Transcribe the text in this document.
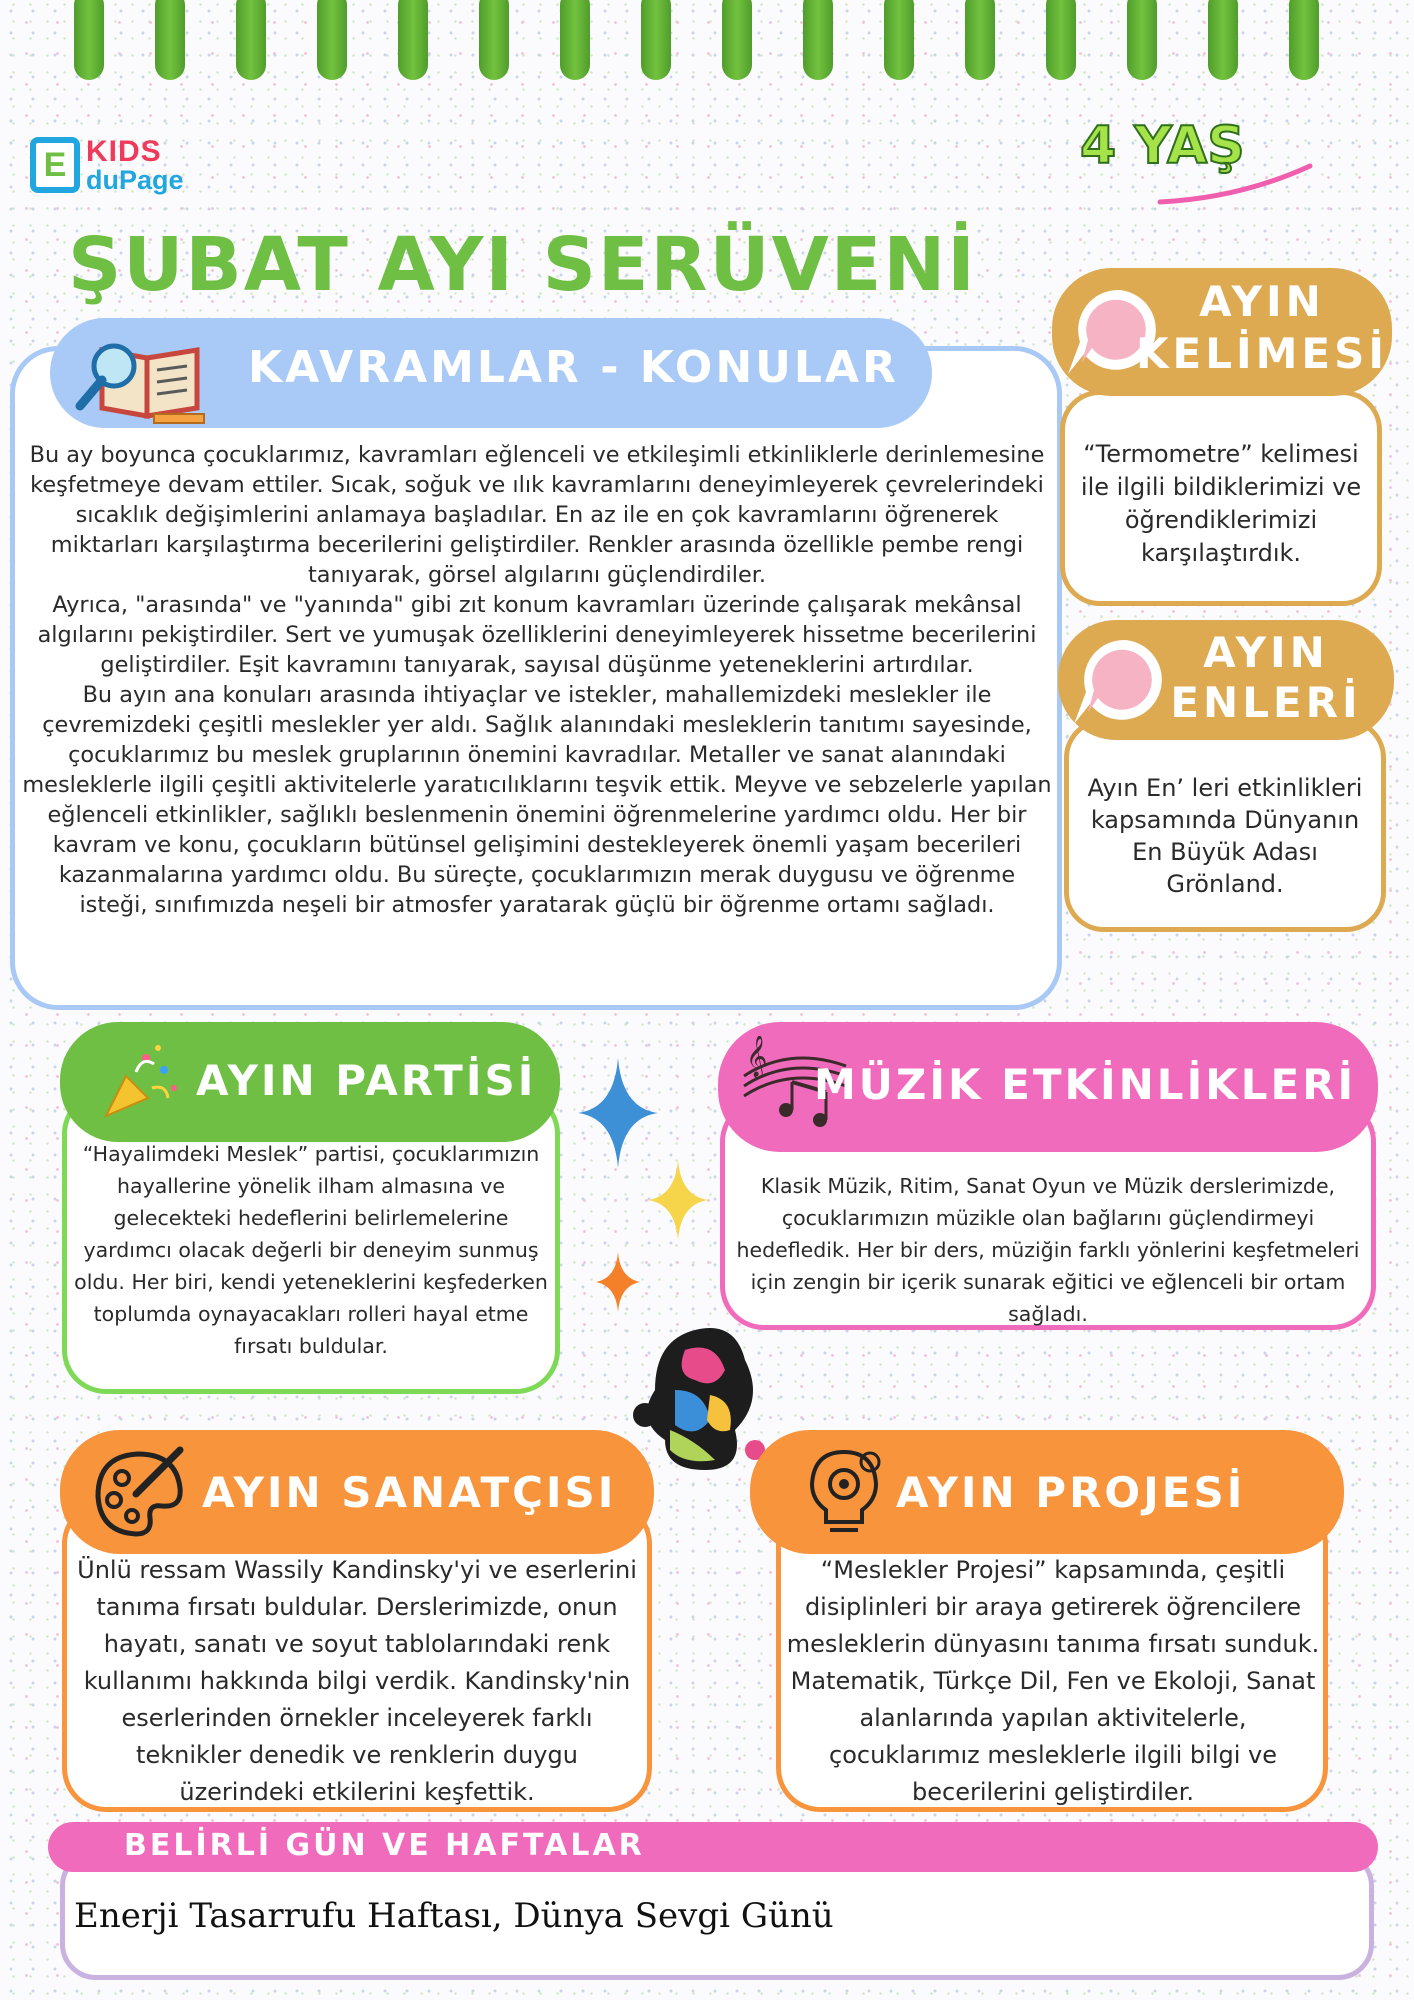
E KIDS
duPage
4 YAŞ
ŞUBAT AYI SERÜVENİ
KAVRAMLAR - KONULAR
Bu ay boyunca çocuklarımız, kavramları eğlenceli ve etkileşimli etkinliklerle derinlemesine keşfetmeye devam ettiler. Sıcak, soğuk ve ılık kavramlarını deneyimleyerek çevrelerindeki sıcaklık değişimlerini anlamaya başladılar. En az ile en çok kavramlarını öğrenerek miktarları karşılaştırma becerilerini geliştirdiler. Renkler arasında özellikle pembe rengi tanıyarak, görsel algılarını güçlendirdiler.
Ayrıca, "arasında" ve "yanında" gibi zıt konum kavramları üzerinde çalışarak mekânsal algılarını pekiştirdiler. Sert ve yumuşak özelliklerini deneyimleyerek hissetme becerilerini geliştirdiler. Eşit kavramını tanıyarak, sayısal düşünme yeteneklerini artırdılar.
Bu ayın ana konuları arasında ihtiyaçlar ve istekler, mahallemizdeki meslekler ile çevremizdeki çeşitli meslekler yer aldı. Sağlık alanındaki mesleklerin tanıtımı sayesinde, çocuklarımız bu meslek gruplarının önemini kavradılar. Metaller ve sanat alanındaki mesleklerle ilgili çeşitli aktivitelerle yaratıcılıklarını teşvik ettik. Meyve ve sebzelerle yapılan eğlenceli etkinlikler, sağlıklı beslenmenin önemini öğrenmelerine yardımcı oldu. Her bir kavram ve konu, çocukların bütünsel gelişimini destekleyerek önemli yaşam becerileri kazanmalarına yardımcı oldu. Bu süreçte, çocuklarımızın merak duygusu ve öğrenme isteği, sınıfımızda neşeli bir atmosfer yaratarak güçlü bir öğrenme ortamı sağladı.
AYIN
KELİMESİ
“Termometre” kelimesi ile ilgili bildiklerimizi ve öğrendiklerimizi karşılaştırdık.
AYIN
ENLERİ
Ayın En’ leri etkinlikleri kapsamında Dünyanın En Büyük Adası Grönland.
AYIN PARTİSİ
“Hayalimdeki Meslek” partisi, çocuklarımızın hayallerine yönelik ilham almasına ve gelecekteki hedeflerini belirlemelerine yardımcı olacak değerli bir deneyim sunmuş oldu. Her biri, kendi yeteneklerini keşfederken toplumda oynayacakları rolleri hayal etme fırsatı buldular.
𝄞
MÜZİK ETKİNLİKLERİ
Klasik Müzik, Ritim, Sanat Oyun ve Müzik derslerimizde, çocuklarımızın müzikle olan bağlarını güçlendirmeyi hedefledik. Her bir ders, müziğin farklı yönlerini keşfetmeleri için zengin bir içerik sunarak eğitici ve eğlenceli bir ortam sağladı.
AYIN SANATÇISI
Ünlü ressam Wassily Kandinsky'yi ve eserlerini tanıma fırsatı buldular. Derslerimizde, onun hayatı, sanatı ve soyut tablolarındaki renk kullanımı hakkında bilgi verdik. Kandinsky'nin eserlerinden örnekler inceleyerek farklı teknikler denedik ve renklerin duygu üzerindeki etkilerini keşfettik.
AYIN PROJESİ
“Meslekler Projesi” kapsamında, çeşitli disiplinleri bir araya getirerek öğrencilere mesleklerin dünyasını tanıma fırsatı sunduk. Matematik, Türkçe Dil, Fen ve Ekoloji, Sanat alanlarında yapılan aktivitelerle, çocuklarımız mesleklerle ilgili bilgi ve becerilerini geliştirdiler.
BELİRLİ GÜN VE HAFTALAR
Enerji Tasarrufu Haftası, Dünya Sevgi Günü
